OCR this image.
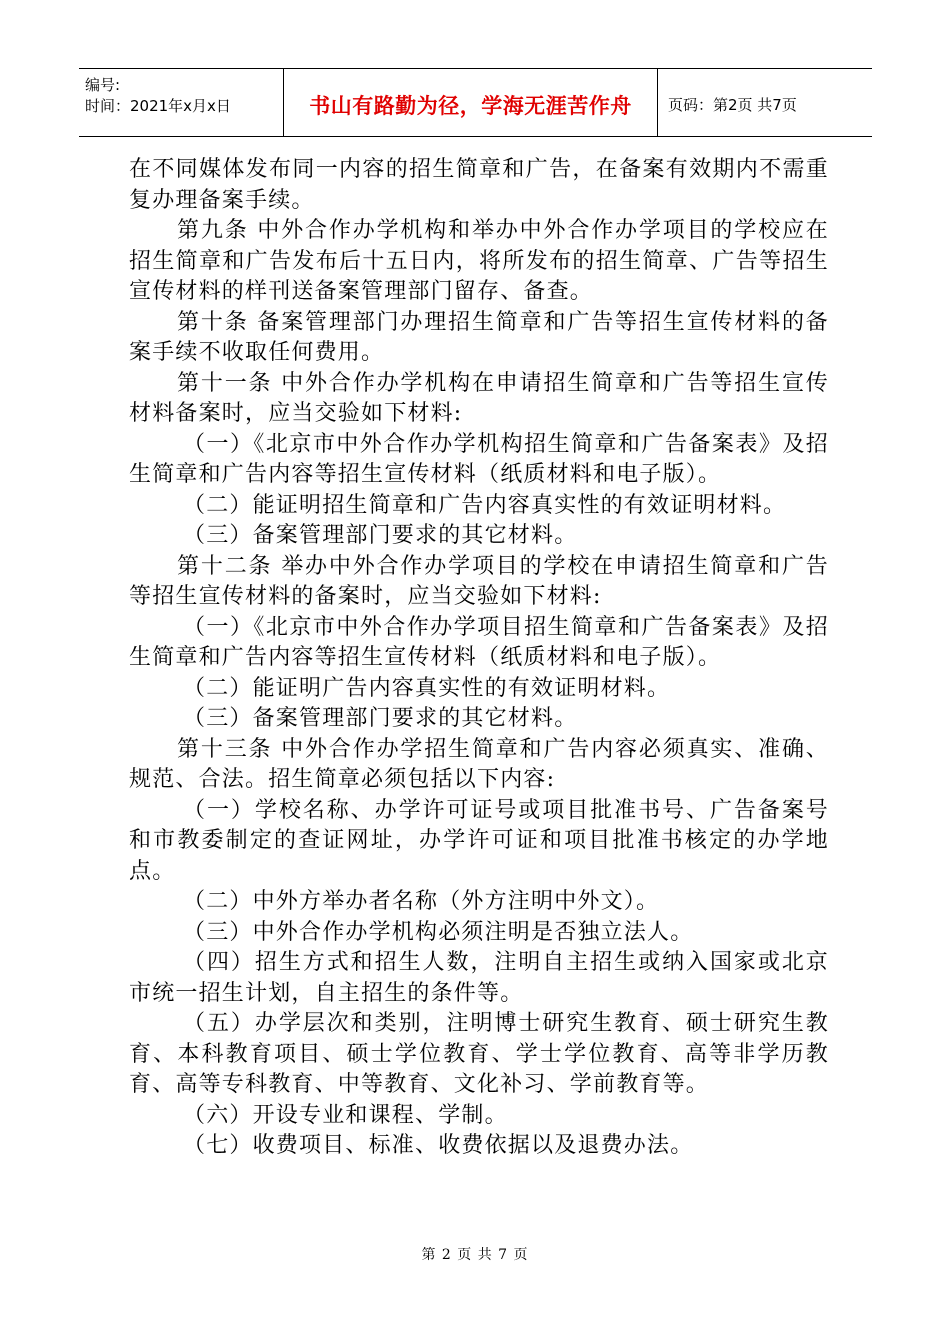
编号:
时间：2021年x月x日	书山有路勤为径，学海无涯苦作舟 页码：第2页 共7页

在不同媒体发布同一内容的招生简章和广告，在备案有效期内不需重复办理备案手续。

第九条 中外合作办学机构和举办中外合作办学项目的学校应在招生简章和广告发布后十五日内，将所发布的招生简章、广告等招生宣传材料的样刊送备案管理部门留存、备查。

第十条 备案管理部门办理招生简章和广告等招生宣传材料的备案手续不收取任何费用。

第十一条 中外合作办学机构在申请招生简章和广告等招生宣传材料备案时，应当交验如下材料:

（一）《北京市中外合作办学机构招生简章和广告备案表》及招生简章和广告内容等招生宣传材料（纸质材料和电子版）。

（二）能证明招生简章和广告内容真实性的有效证明材料。

（三）备案管理部门要求的其它材料。

第十二条 举办中外合作办学项目的学校在申请招生简章和广告等招生宣传材料的备案时，应当交验如下材料:

（一）《北京市中外合作办学项目招生简章和广告备案表》及招生简章和广告内容等招生宣传材料（纸质材料和电子版）。

（二）能证明广告内容真实性的有效证明材料。

（三）备案管理部门要求的其它材料。

第十三条 中外合作办学招生简章和广告内容必须真实、准确、规范、合法。招生简章必须包括以下内容:

（一）学校名称、办学许可证号或项目批准书号、广告备案号和市教委制定的查证网址，办学许可证和项目批准书核定的办学地点。

（二）中外方举办者名称（外方注明中外文）。

（三）中外合作办学机构必须注明是否独立法人。

（四）招生方式和招生人数，注明自主招生或纳入国家或北京市统一招生计划，自主招生的条件等。

（五）办学层次和类别，注明博士研究生教育、硕士研究生教育、本科教育项目、硕士学位教育、学士学位教育、高等非学历教育、高等专科教育、中等教育、文化补习、学前教育等。

（六）开设专业和课程、学制。

（七）收费项目、标准、收费依据以及退费办法。

第 2 页 共 7 页
